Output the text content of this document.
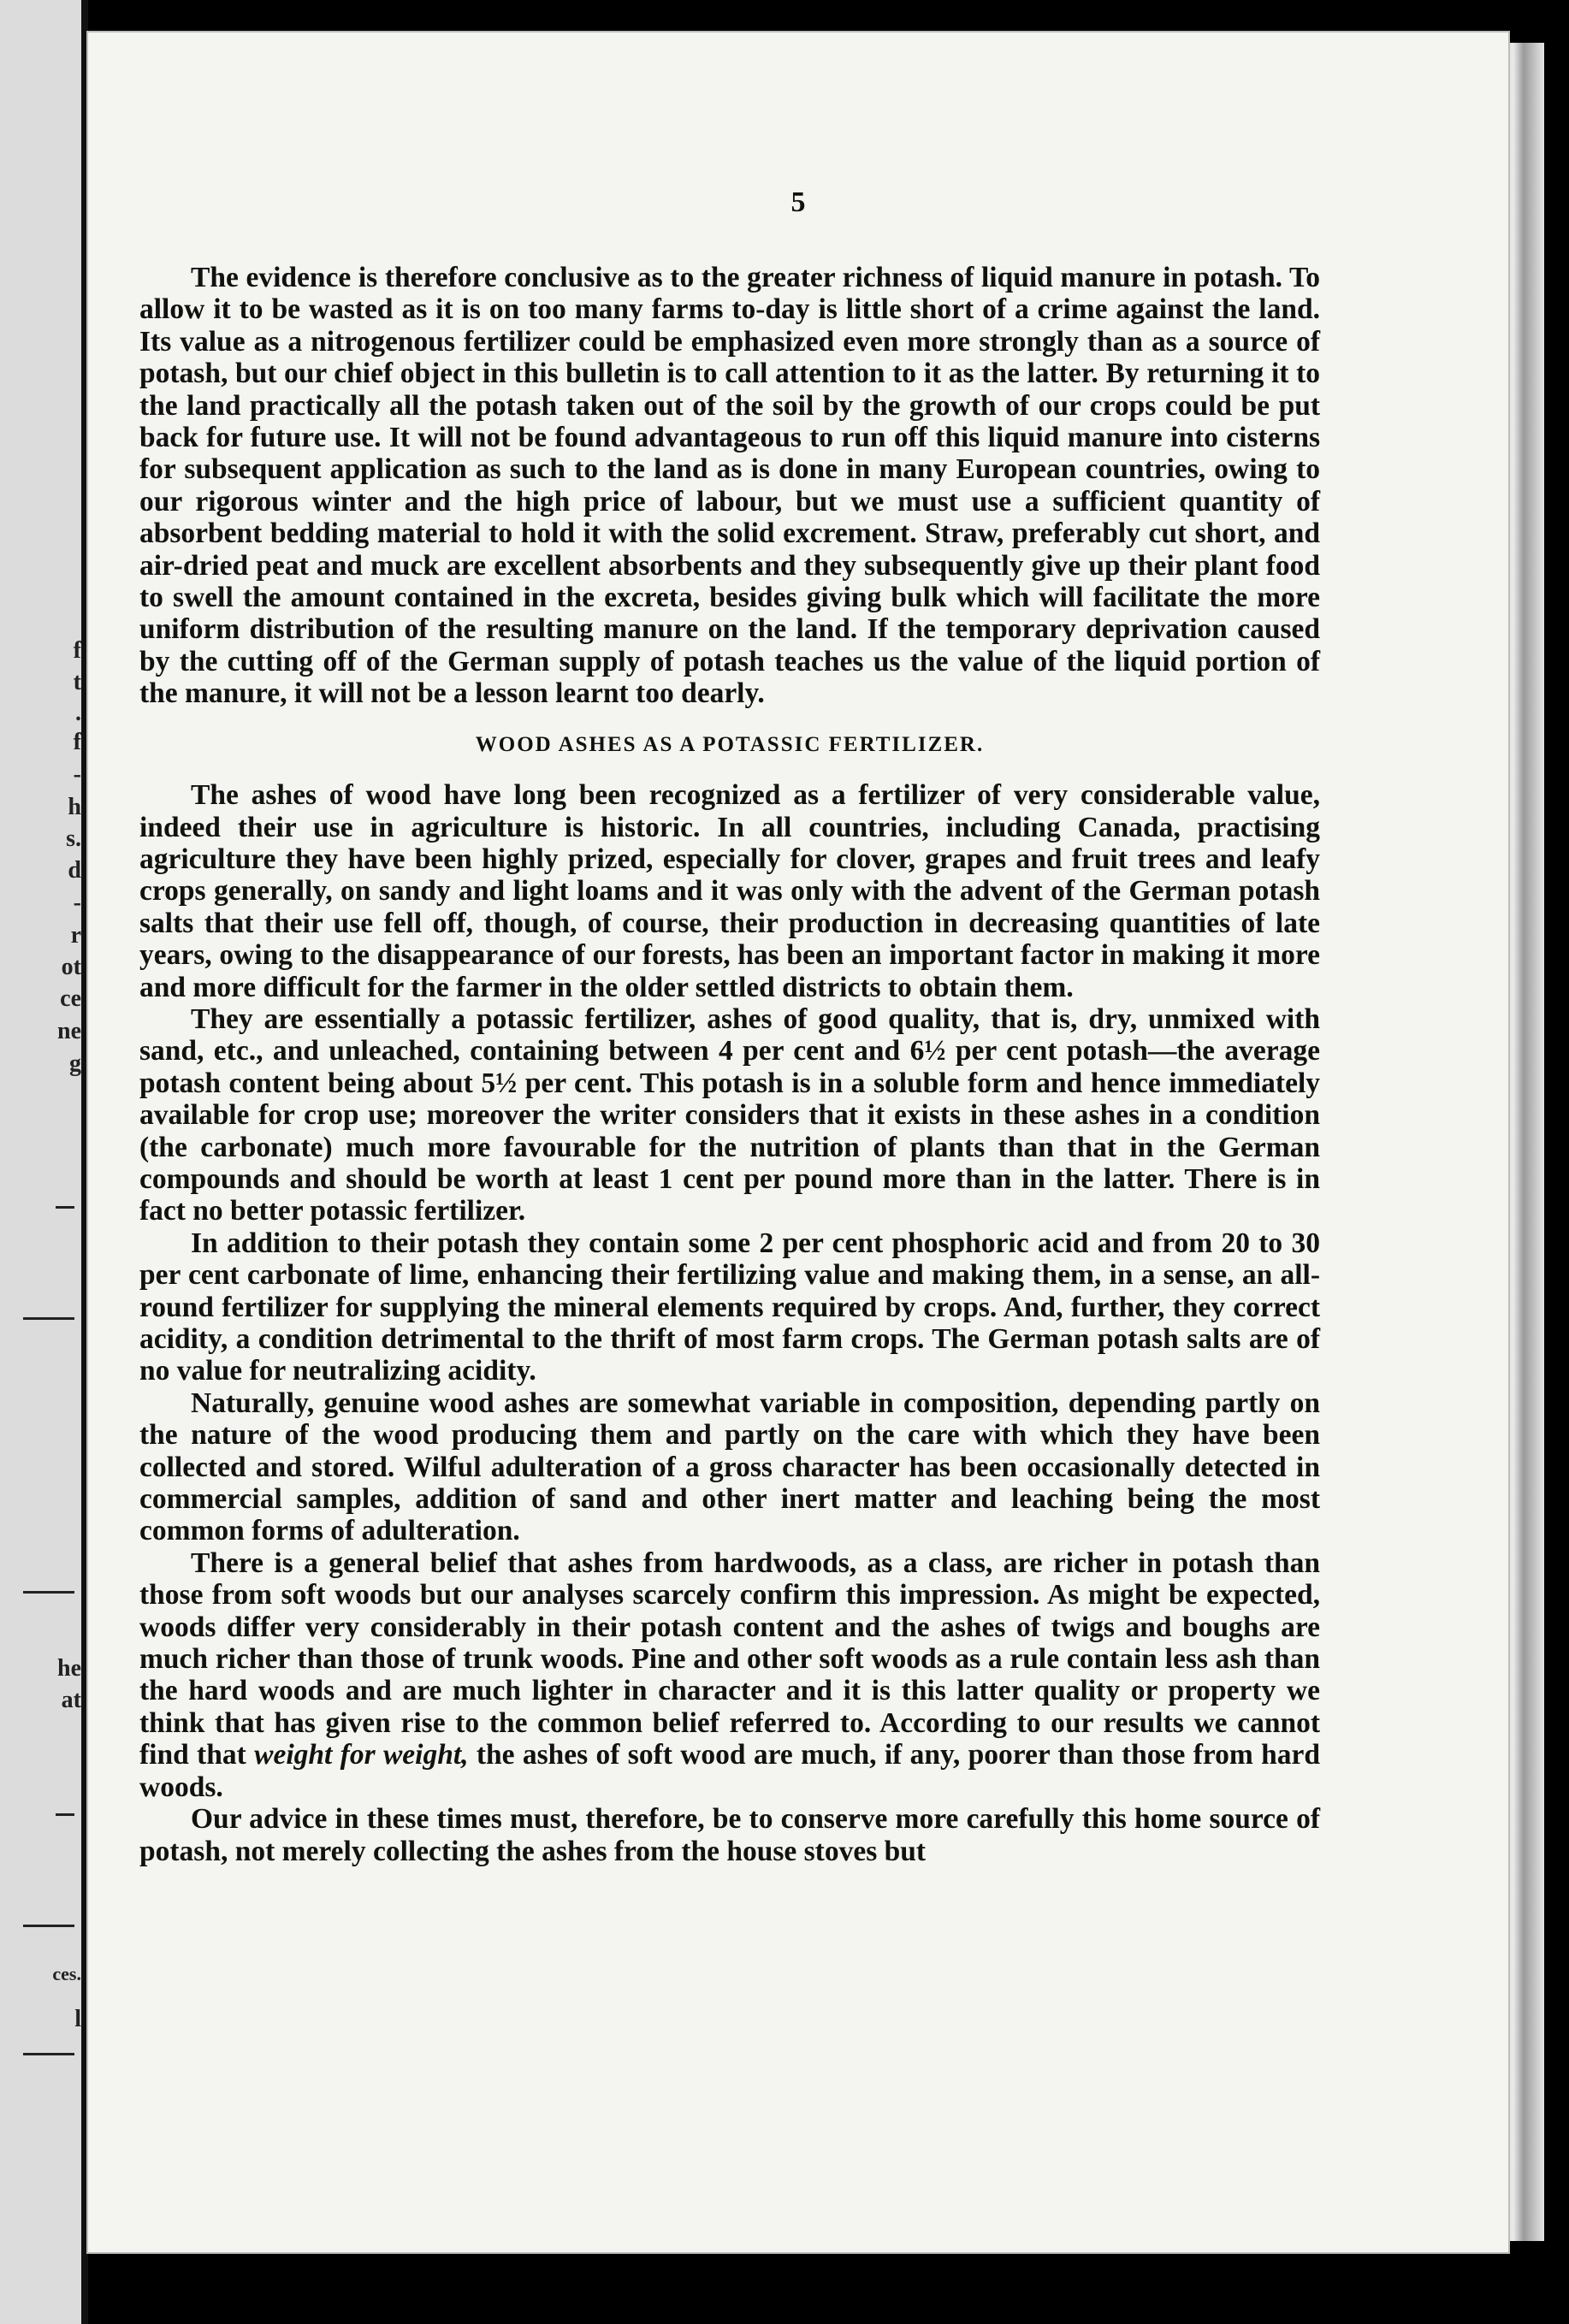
f
t
.
f
-
h
s.
d
-
r
ot
ce
ne
g
he
at
ces.
l
5

The evidence is therefore conclusive as to the greater richness of liquid manure in potash. To allow it to be wasted as it is on too many farms to-day is little short of a crime against the land. Its value as a nitrogenous fertilizer could be emphasized even more strongly than as a source of potash, but our chief object in this bulletin is to call attention to it as the latter. By returning it to the land practically all the potash taken out of the soil by the growth of our crops could be put back for future use. It will not be found advantageous to run off this liquid manure into cisterns for subsequent application as such to the land as is done in many European countries, owing to our rigorous winter and the high price of labour, but we must use a sufficient quantity of absorbent bedding material to hold it with the solid excrement. Straw, preferably cut short, and air-dried peat and muck are excellent absorbents and they subsequently give up their plant food to swell the amount contained in the excreta, besides giving bulk which will facilitate the more uniform distribution of the resulting manure on the land. If the temporary deprivation caused by the cutting off of the German supply of potash teaches us the value of the liquid portion of the manure, it will not be a lesson learnt too dearly.

WOOD ASHES AS A POTASSIC FERTILIZER.

The ashes of wood have long been recognized as a fertilizer of very considerable value, indeed their use in agriculture is historic. In all countries, including Canada, practising agriculture they have been highly prized, especially for clover, grapes and fruit trees and leafy crops generally, on sandy and light loams and it was only with the advent of the German potash salts that their use fell off, though, of course, their production in decreasing quantities of late years, owing to the disappearance of our forests, has been an important factor in making it more and more difficult for the farmer in the older settled districts to obtain them.

They are essentially a potassic fertilizer, ashes of good quality, that is, dry, unmixed with sand, etc., and unleached, containing between 4 per cent and 6½ per cent potash—the average potash content being about 5½ per cent. This potash is in a soluble form and hence immediately available for crop use; moreover the writer considers that it exists in these ashes in a condition (the carbonate) much more favourable for the nutrition of plants than that in the German compounds and should be worth at least 1 cent per pound more than in the latter. There is in fact no better potassic fertilizer.

In addition to their potash they contain some 2 per cent phosphoric acid and from 20 to 30 per cent carbonate of lime, enhancing their fertilizing value and making them, in a sense, an all-round fertilizer for supplying the mineral elements required by crops. And, further, they correct acidity, a condition detrimental to the thrift of most farm crops. The German potash salts are of no value for neutralizing acidity.

Naturally, genuine wood ashes are somewhat variable in composition, depending partly on the nature of the wood producing them and partly on the care with which they have been collected and stored. Wilful adulteration of a gross character has been occasionally detected in commercial samples, addition of sand and other inert matter and leaching being the most common forms of adulteration.

There is a general belief that ashes from hardwoods, as a class, are richer in potash than those from soft woods but our analyses scarcely confirm this impression. As might be expected, woods differ very considerably in their potash content and the ashes of twigs and boughs are much richer than those of trunk woods. Pine and other soft woods as a rule contain less ash than the hard woods and are much lighter in character and it is this latter quality or property we think that has given rise to the common belief referred to. According to our results we cannot find that weight for weight, the ashes of soft wood are much, if any, poorer than those from hard woods.

Our advice in these times must, therefore, be to conserve more carefully this home source of potash, not merely collecting the ashes from the house stoves but
